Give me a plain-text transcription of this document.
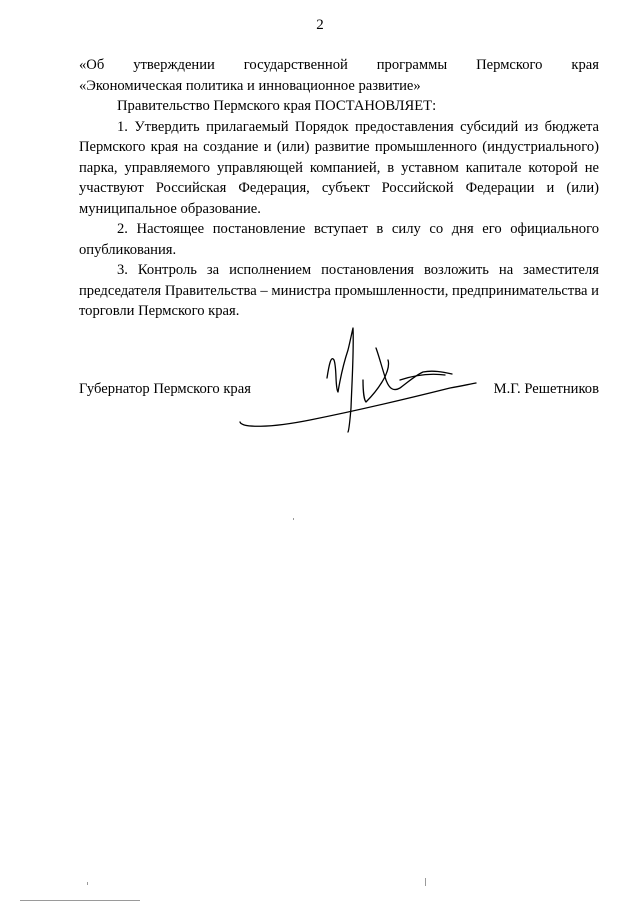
2

«Об утверждении государственной программы Пермского края

«Экономическая политика и инновационное развитие»

Правительство Пермского края ПОСТАНОВЛЯЕТ:

1. Утвердить прилагаемый Порядок предоставления субсидий из бюджета Пермского края на создание и (или) развитие промышленного (индустриального) парка, управляемого управляющей компанией, в уставном капитале которой не участвуют Российская Федерация, субъект Российской Федерации и (или) муниципальное образование.

2. Настоящее постановление вступает в силу со дня его официального опубликования.

3. Контроль за исполнением постановления возложить на заместителя председателя Правительства – министра промышленности, предпринимательства и торговли Пермского края.

Губернатор Пермского края	М.Г. Решетников
